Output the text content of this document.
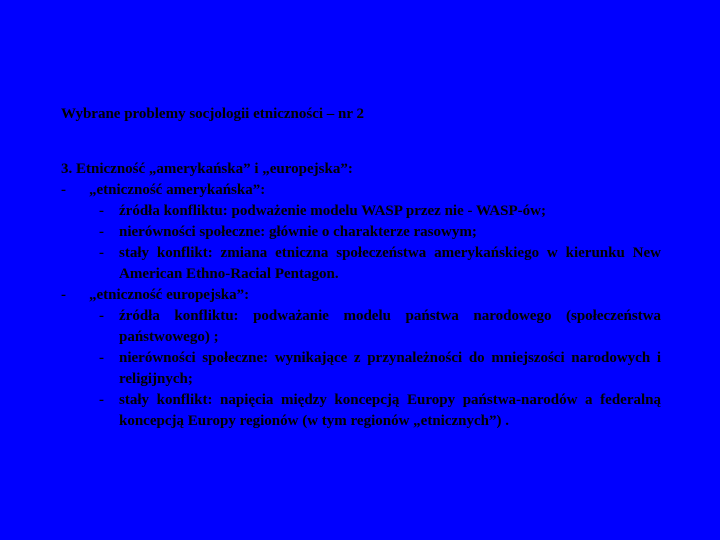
Wybrane problemy socjologii etniczności – nr 2
3. Etniczność „amerykańska” i „europejska”:
- „etniczność amerykańska”:
- źródła konfliktu: podważenie modelu WASP przez nie - WASP-ów;
- nierówności społeczne: głównie o charakterze rasowym;
- stały konflikt: zmiana etniczna społeczeństwa amerykańskiego w kierunku New American Ethno-Racial Pentagon.
- „etniczność europejska”:
- źródła konfliktu: podważanie modelu państwa narodowego (społeczeństwa państwowego) ;
- nierówności społeczne: wynikające z przynależności do mniejszości narodowych i religijnych;
- stały konflikt: napięcia między koncepcją Europy państwa-narodów a federalną koncepcją Europy regionów (w tym regionów „etnicznych”) .
